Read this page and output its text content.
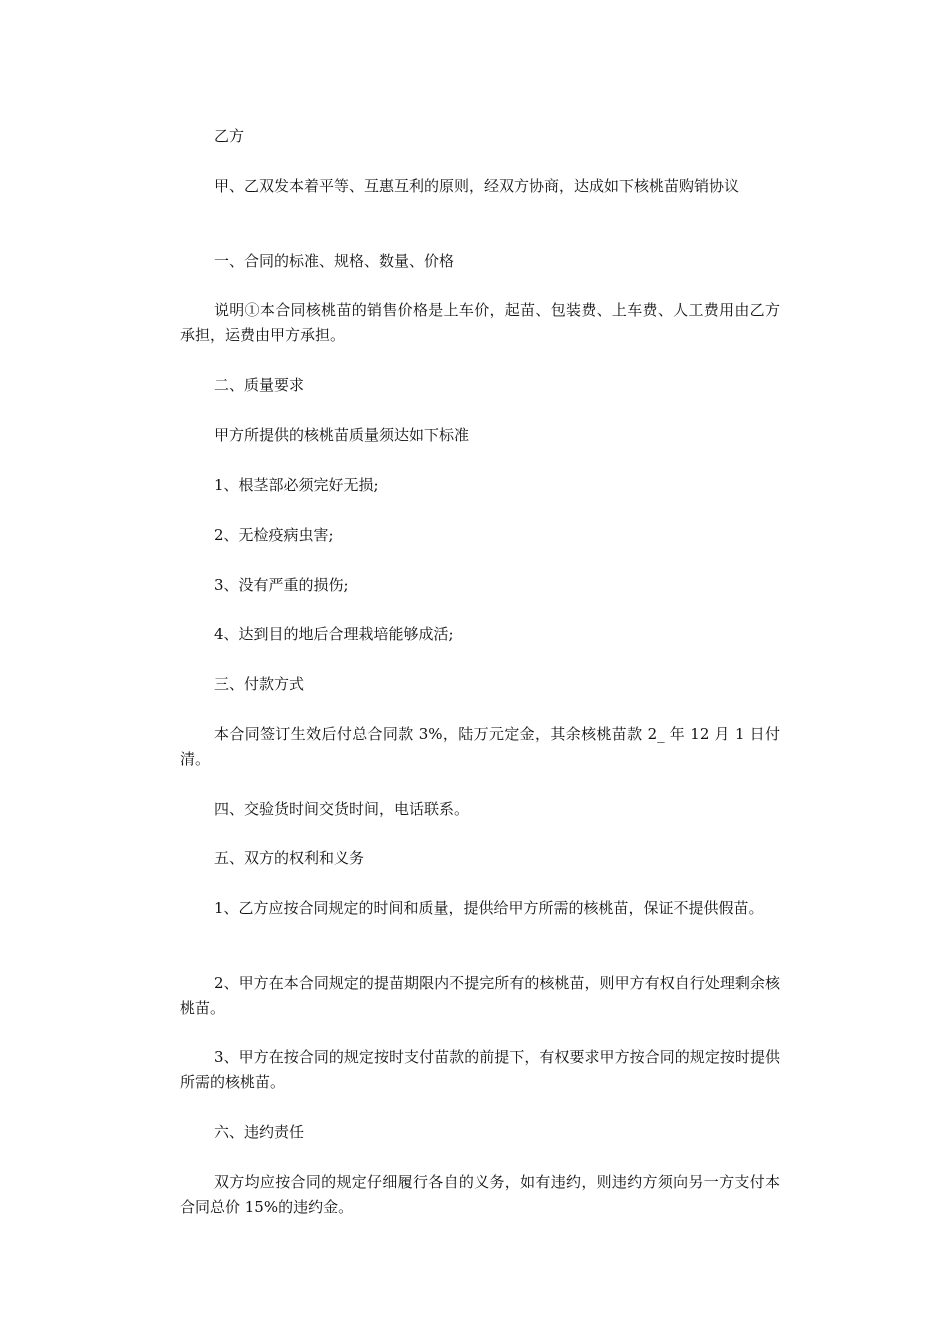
乙方

甲、乙双发本着平等、互惠互利的原则，经双方协商，达成如下核桃苗购销协议

一、合同的标准、规格、数量、价格

说明①本合同核桃苗的销售价格是上车价，起苗、包装费、上车费、人工费用由乙方承担，运费由甲方承担。

二、质量要求

甲方所提供的核桃苗质量须达如下标准

1、根茎部必须完好无损;

2、无检疫病虫害;

3、没有严重的损伤;

4、达到目的地后合理栽培能够成活;

三、付款方式

本合同签订生效后付总合同款 3%，陆万元定金，其余核桃苗款 2_ 年 12 月 1 日付清。

四、交验货时间交货时间，电话联系。

五、双方的权利和义务

1、乙方应按合同规定的时间和质量，提供给甲方所需的核桃苗，保证不提供假苗。

2、甲方在本合同规定的提苗期限内不提完所有的核桃苗，则甲方有权自行处理剩余核桃苗。

3、甲方在按合同的规定按时支付苗款的前提下，有权要求甲方按合同的规定按时提供所需的核桃苗。

六、违约责任

双方均应按合同的规定仔细履行各自的义务，如有违约，则违约方须向另一方支付本合同总价 15%的违约金。
